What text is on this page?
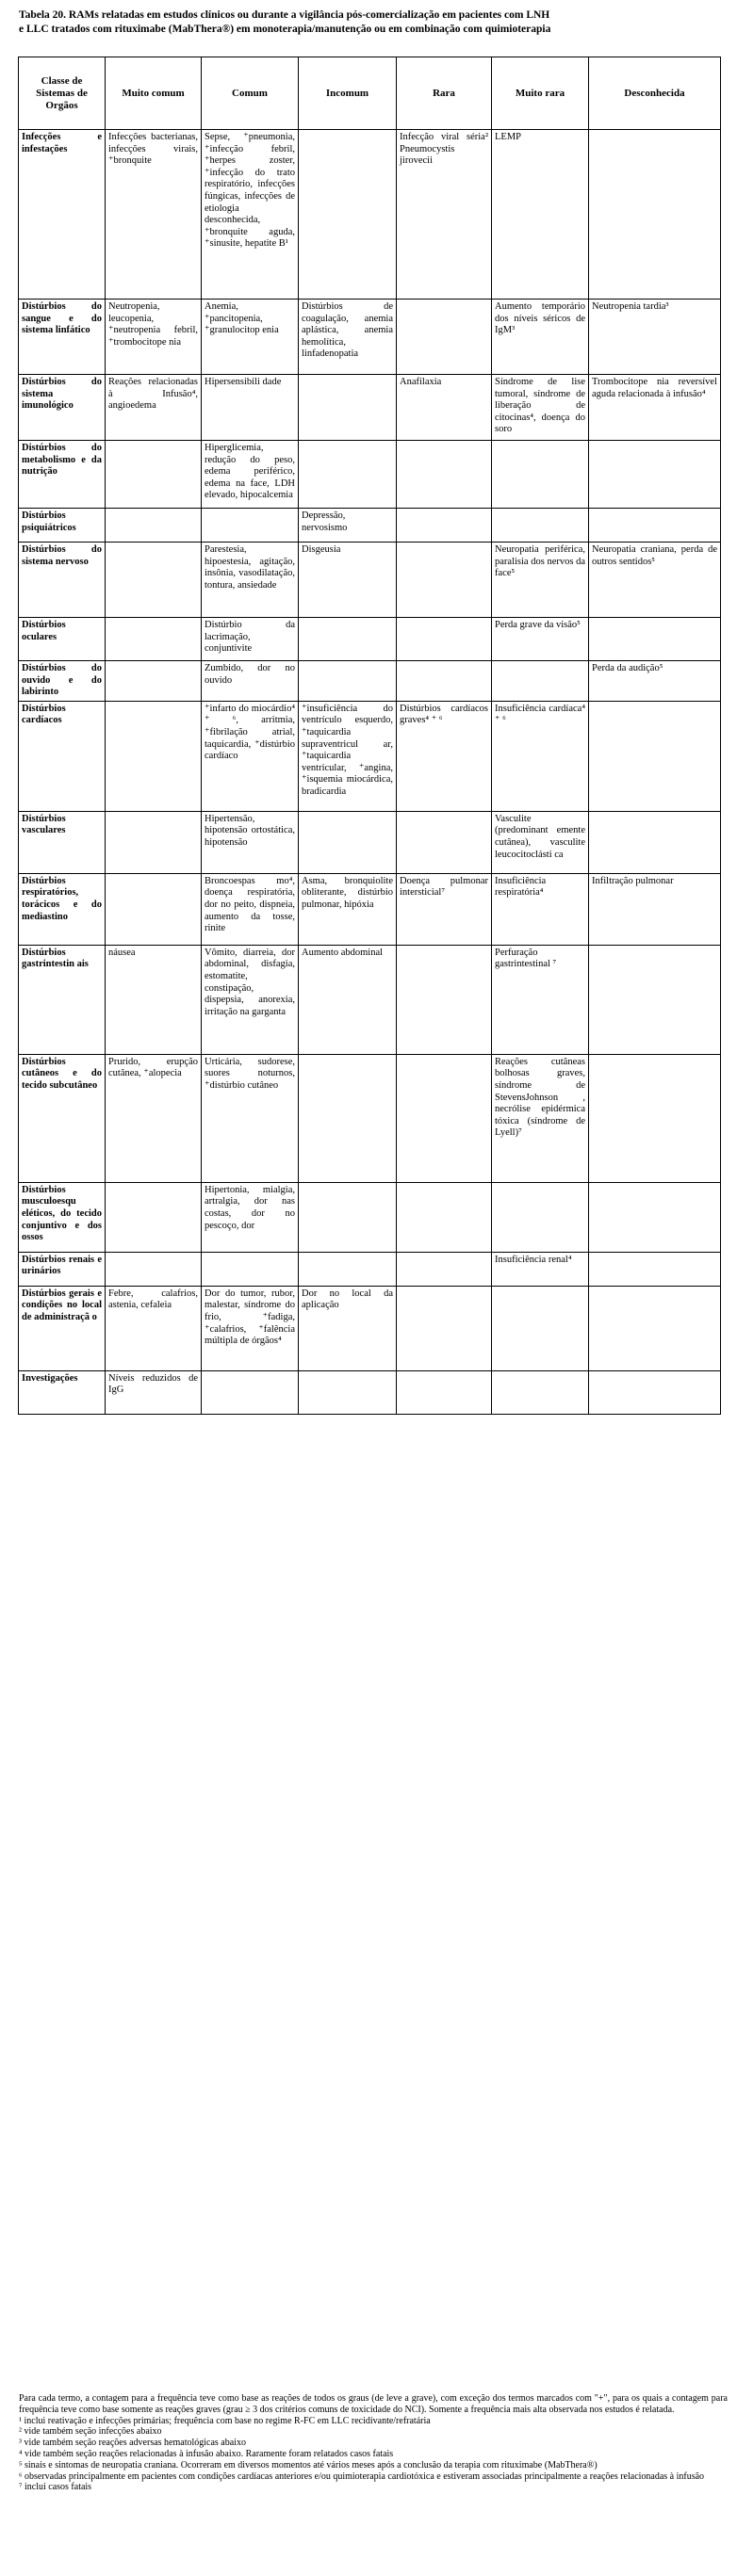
Tabela 20. RAMs relatadas em estudos clínicos ou durante a vigilância pós-comercialização em pacientes com LNH

e LLC tratados com rituximabe (MabThera®) em monoterapia/manutenção ou em combinação com quimioterapia

Classe de Sistemas de Orgãos	Muito comum	Comum	Incomum	Rara	Muito rara	Desconhecida

Infecções e infestações	Infecções bacterianas, infecções virais, ⁺bronquite	Sepse, ⁺pneumonia, ⁺infecção febril, ⁺herpes zoster, ⁺infecção do trato respiratório, infecções fúngicas, infecções de etiologia desconhecida, ⁺bronquite aguda, ⁺sinusite, hepatite B¹		Infecção viral séria² Pneumocystis jirovecii	LEMP	

Distúrbios do sangue e do sistema linfático	Neutropenia, leucopenia, ⁺neutropenia febril, ⁺trombocitope nia	Anemia, ⁺pancitopenia, ⁺granulocitop enia	Distúrbios de coagulação, anemia aplástica, anemia hemolítica, linfadenopatia		Aumento temporário dos níveis séricos de IgM³	Neutropenia tardia³

Distúrbios do sistema imunológico	Reações relacionadas à Infusão⁴, angioedema	Hipersensibili dade		Anafilaxia	Síndrome de lise tumoral, síndrome de liberação de citocinas⁴, doença do soro	Trombocitope nia reversível aguda relacionada à infusão⁴

Distúrbios do metabolismo e da nutrição		Hiperglicemia, redução do peso, edema periférico, edema na face, LDH elevado, hipocalcemia				

Distúrbios psiquiátricos			Depressão, nervosismo			

Distúrbios do sistema nervoso		Parestesia, hipoestesia, agitação, insônia, vasodilatação, tontura, ansiedade	Disgeusia		Neuropatia periférica, paralisia dos nervos da face⁵	Neuropatia craniana, perda de outros sentidos⁵

Distúrbios oculares		Distúrbio da lacrimação, conjuntivite			Perda grave da visão⁵	

Distúrbios do ouvido e do labirinto		Zumbido, dor no ouvido				Perda da audição⁵

Distúrbios cardíacos		⁺infarto do miocárdio⁴ ⁺ ⁶, arritmia, ⁺fibrilação atrial, taquicardia, ⁺distúrbio cardíaco	⁺insuficiência do ventrículo esquerdo, ⁺taquicardia supraventricul ar, ⁺taquicardia ventricular, ⁺angina, ⁺isquemia miocárdica, bradicardia	Distúrbios cardíacos graves⁴ ⁺ ⁶	Insuficiência cardíaca⁴ ⁺ ⁶	

Distúrbios vasculares		Hipertensão, hipotensão ortostática, hipotensão			Vasculite (predominant emente cutânea), vasculite leucocitoclásti ca	

Distúrbios respiratórios, torácicos e do mediastino		Broncoespas mo⁴, doença respiratória, dor no peito, dispneia, aumento da tosse, rinite	Asma, bronquiolite obliterante, distúrbio pulmonar, hipóxia	Doença pulmonar intersticial⁷	Insuficiência respiratória⁴	Infiltração pulmonar

Distúrbios gastrintestin ais	náusea	Vômito, diarreia, dor abdominal, disfagia, estomatite, constipação, dispepsia, anorexia, irritação na garganta	Aumento abdominal		Perfuração gastrintestinal ⁷	

Distúrbios cutâneos e do tecido subcutâneo	Prurido, erupção cutânea, ⁺alopecia	Urticária, sudorese, suores noturnos, ⁺distúrbio cutâneo			Reações cutâneas bolhosas graves, síndrome de StevensJohnson , necrólise epidérmica tóxica (síndrome de Lyell)⁷	

Distúrbios musculoesqu eléticos, do tecido conjuntivo e dos ossos		Hipertonia, mialgia, artralgia, dor nas costas, dor no pescoço, dor				

Distúrbios renais e urinários					Insuficiência renal⁴	

Distúrbios gerais e condições no local de administraçã o	Febre, calafrios, astenia, cefaleia	Dor do tumor, rubor, malestar, síndrome do frio, ⁺fadiga, ⁺calafrios, ⁺falência múltipla de órgãos⁴	Dor no local da aplicação			

Investigações	Níveis reduzidos de IgG					

Para cada termo, a contagem para a frequência teve como base as reações de todos os graus (de leve a grave), com exceção dos termos marcados com "+", para os quais a contagem para frequência teve como base somente as reações graves (grau ≥ 3 dos critérios comuns de toxicidade do NCI). Somente a frequência mais alta observada nos estudos é relatada.

¹ inclui reativação e infecções primárias; frequência com base no regime R-FC em LLC recidivante/refratária

² vide também seção infecções abaixo

³ vide também seção reações adversas hematológicas abaixo

⁴ vide também seção reações relacionadas à infusão abaixo. Raramente foram relatados casos fatais

⁵ sinais e sintomas de neuropatia craniana. Ocorreram em diversos momentos até vários meses após a conclusão da terapia com rituximabe (MabThera®)

⁶ observadas principalmente em pacientes com condições cardíacas anteriores e/ou quimioterapia cardiotóxica e estiveram associadas principalmente a reações relacionadas à infusão

⁷ inclui casos fatais
